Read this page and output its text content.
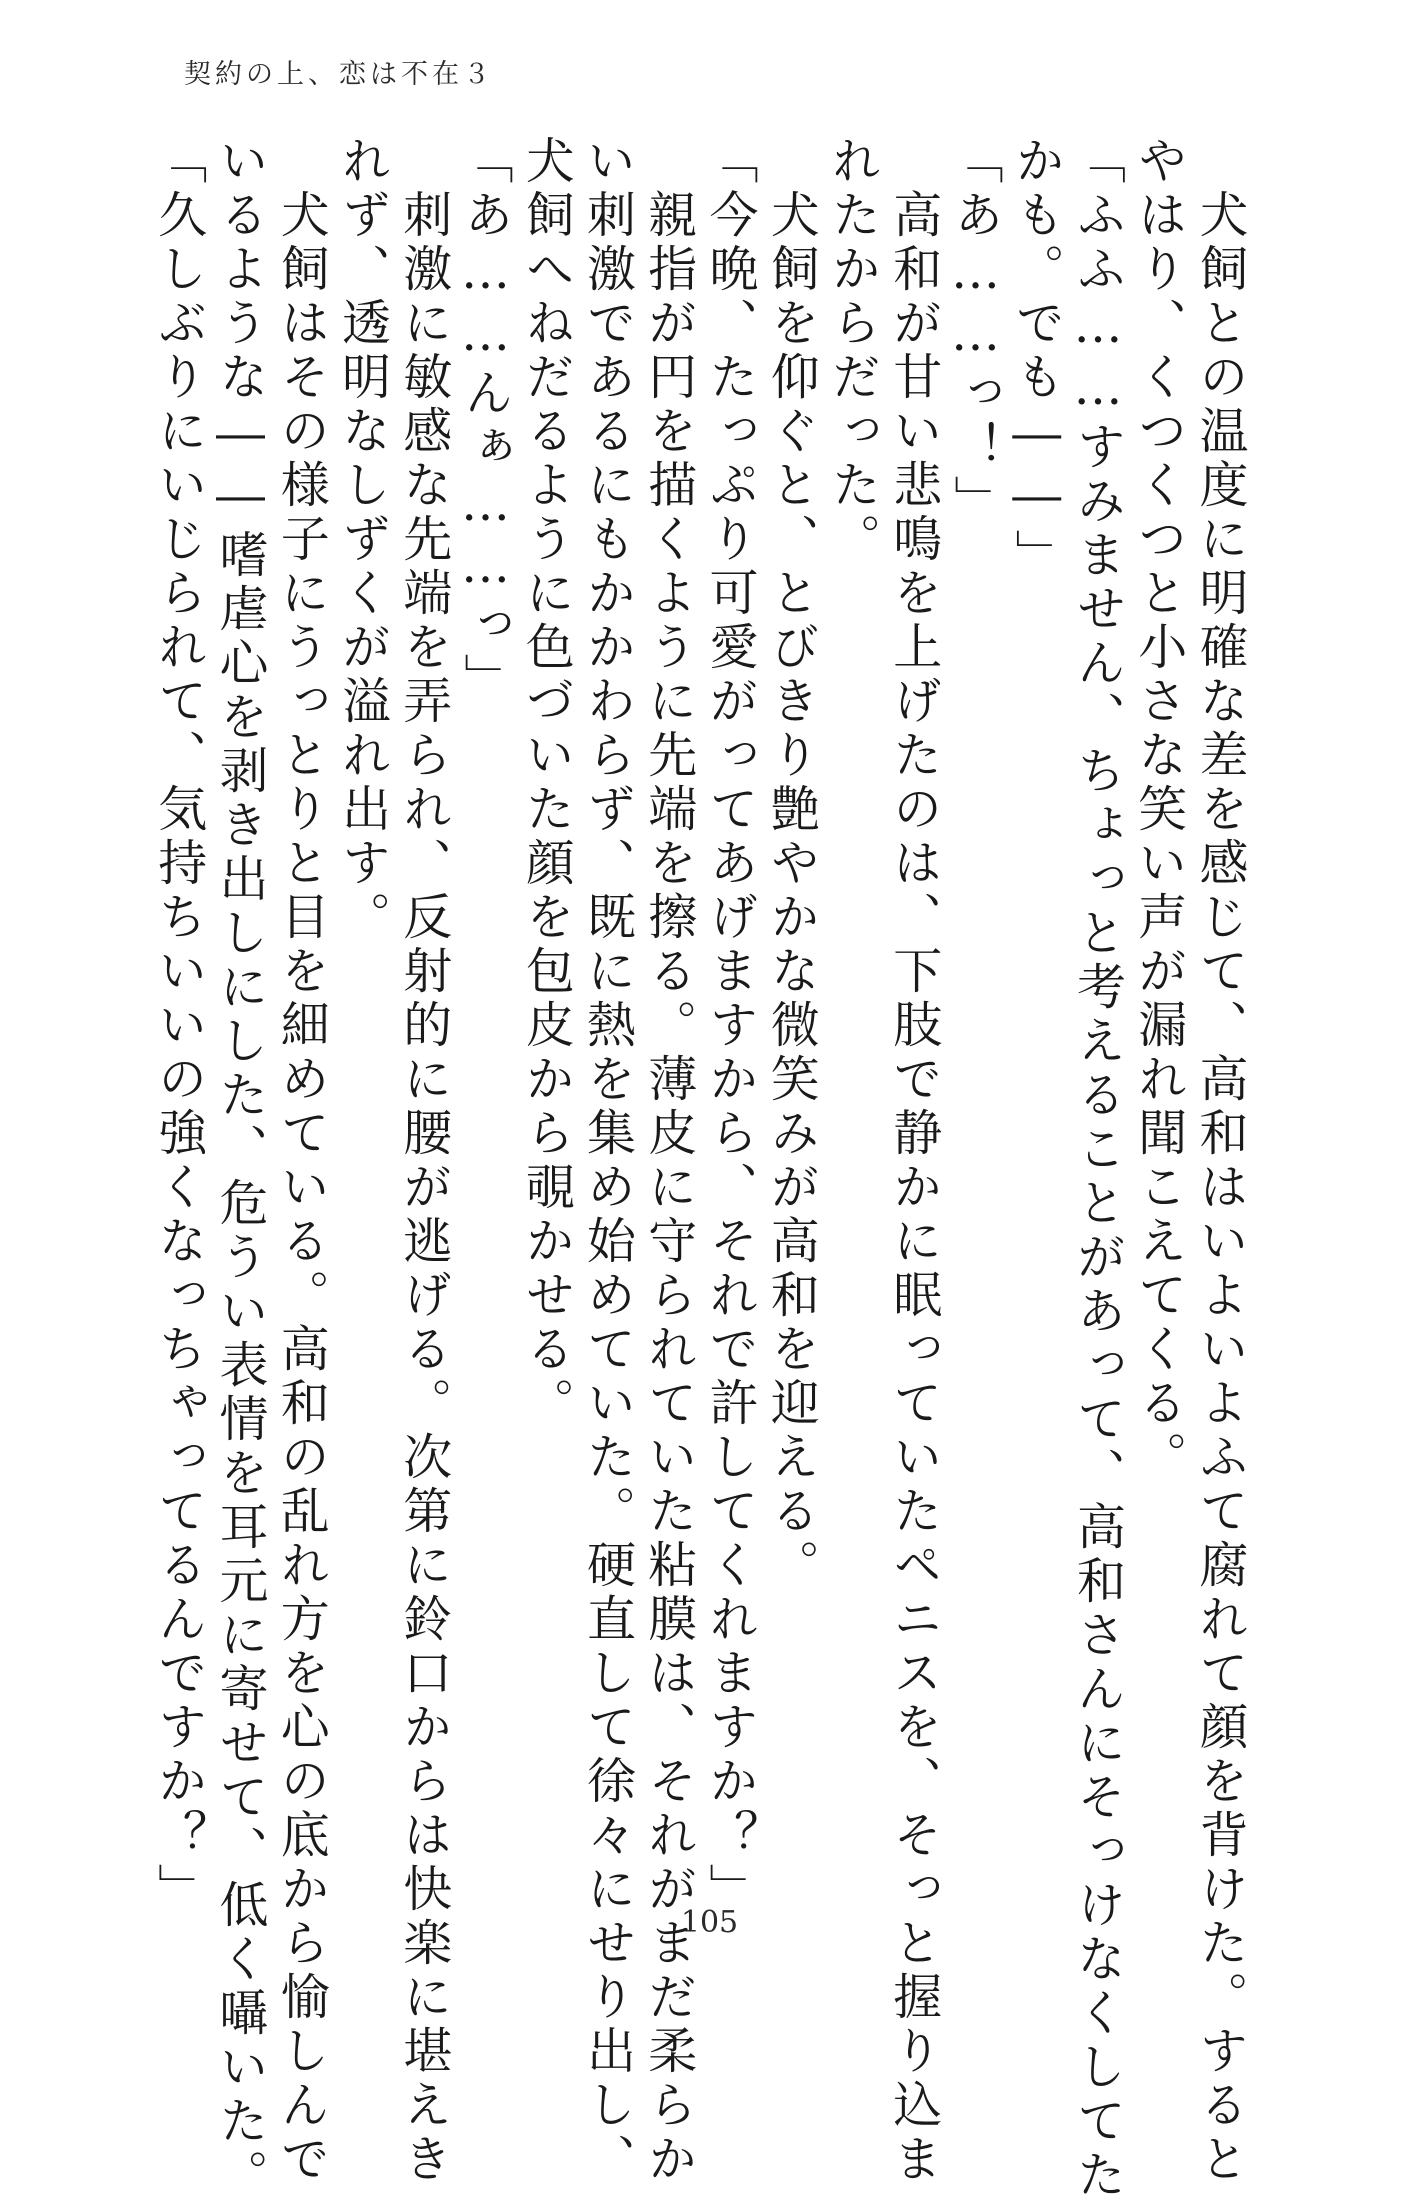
契約の上、恋は不在３

　犬飼との温度に明確な差を感じて、高和はいよいよふて腐れて顔を背けた。すると

やはり、くつくつと小さな笑い声が漏れ聞こえてくる。

「ふふ……すみません、ちょっと考えることがあって、高和さんにそっけなくしてた

かも。でも――」

「あ……っ！」

　高和が甘い悲鳴を上げたのは、下肢で静かに眠っていたペニスを、そっと握り込ま

れたからだった。

　犬飼を仰ぐと、とびきり艶やかな微笑みが高和を迎える。

「今晩、たっぷり可愛がってあげますから、それで許してくれますか？」

　親指が円を描くように先端を擦る。薄皮に守られていた粘膜は、それがまだ柔らか

い刺激であるにもかかわらず、既に熱を集め始めていた。硬直して徐々にせり出し、

犬飼へねだるように色づいた顔を包皮から覗かせる。

「あ……んぁ……っ」

　刺激に敏感な先端を弄られ、反射的に腰が逃げる。次第に鈴口からは快楽に堪えき

れず、透明なしずくが溢れ出す。

　犬飼はその様子にうっとりと目を細めている。高和の乱れ方を心の底から愉しんで

いるような――嗜虐心を剥き出しにした、危うい表情を耳元に寄せて、低く囁いた。

「久しぶりにいじられて、気持ちいいの強くなっちゃってるんですか？」

105
